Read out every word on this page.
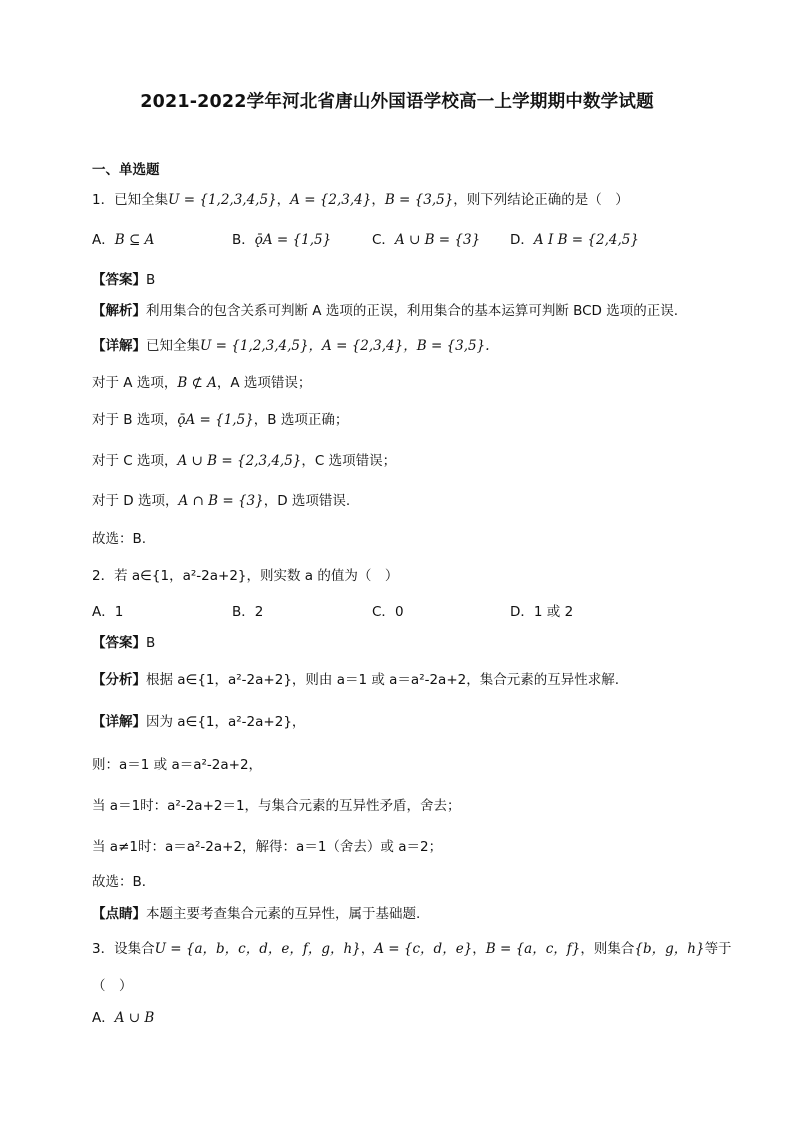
2021-2022学年河北省唐山外国语学校高一上学期期中数学试题
一、单选题
1．已知全集U = {1,2,3,4,5}，A = {2,3,4}，B = {3,5}，则下列结论正确的是（　）
A．B ⊆ A	B．ǭA = {1,5}	C．A ∪ B = {3} D．A I B = {2,4,5}
【答案】B
【解析】利用集合的包含关系可判断 A 选项的正误，利用集合的基本运算可判断 BCD 选项的正误.
【详解】已知全集U = {1,2,3,4,5}，A = {2,3,4}，B = {3,5}.
对于 A 选项，B ⊄ A，A 选项错误；
对于 B 选项，ǭA = {1,5}，B 选项正确；
对于 C 选项，A ∪ B = {2,3,4,5}，C 选项错误；
对于 D 选项，A ∩ B = {3}，D 选项错误.
故选：B.
2．若 a∈{1，a²-2a+2}，则实数 a 的值为（　）
A．1	B．2	C．0	D．1 或 2
【答案】B
【分析】根据 a∈{1，a²-2a+2}，则由 a＝1 或 a＝a²-2a+2，集合元素的互异性求解.
【详解】因为 a∈{1，a²-2a+2}，
则：a＝1 或 a＝a²-2a+2，
当 a＝1时：a²-2a+2＝1，与集合元素的互异性矛盾，舍去；
当 a≠1时：a＝a²-2a+2，解得：a＝1（舍去）或 a＝2；
故选：B．
【点睛】本题主要考查集合元素的互异性，属于基础题.
3．设集合U = {a，b，c，d，e，f，g，h}，A = {c，d，e}，B = {a，c，f}，则集合{b，g，h}等于
（　）
A．A ∪ B
